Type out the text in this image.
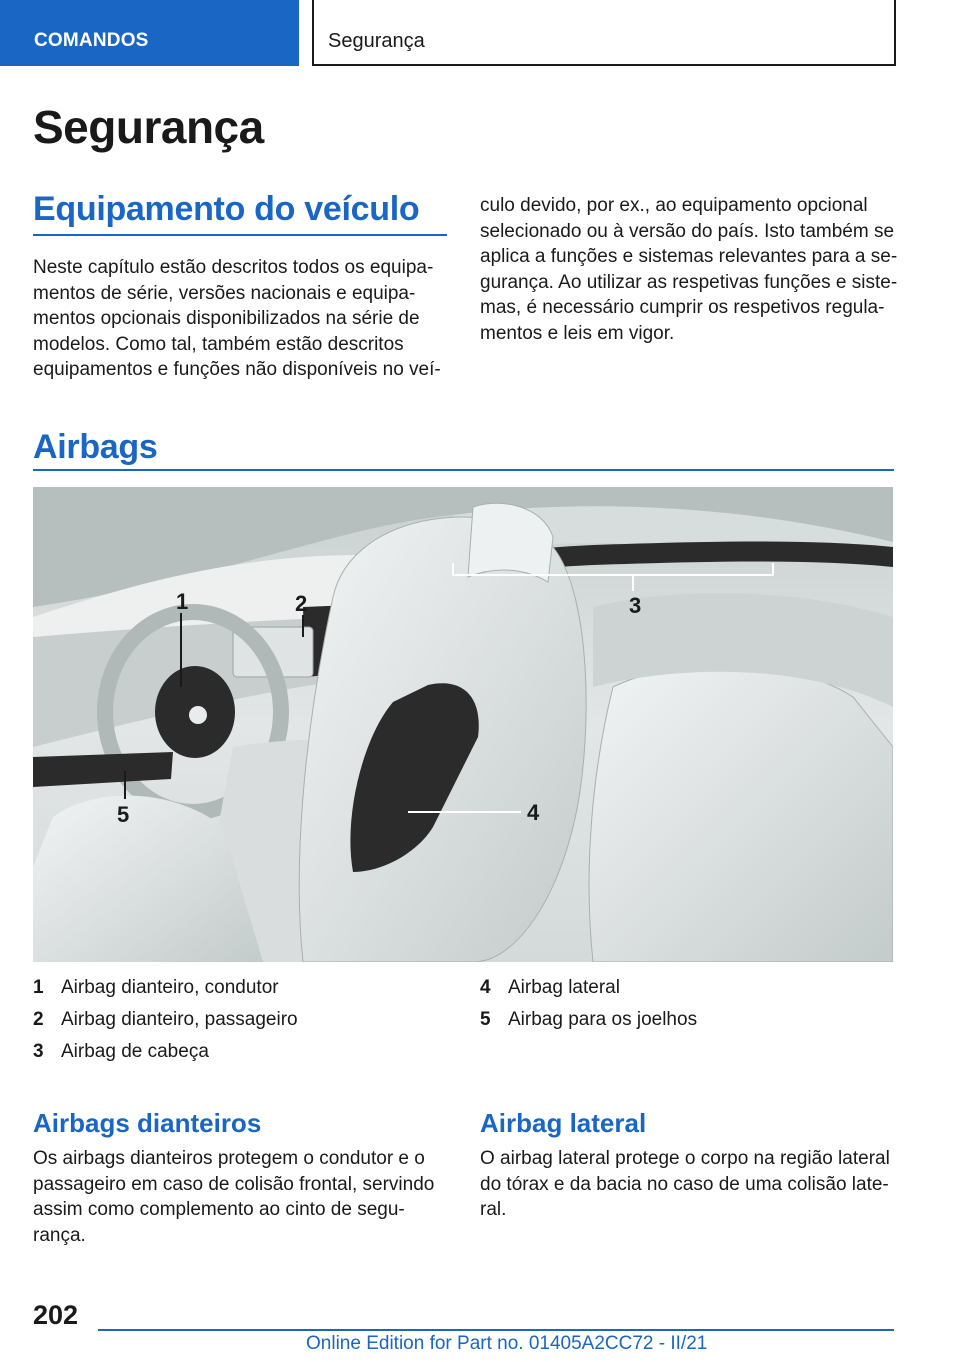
COMANDOS	Segurança
Segurança
Equipamento do veículo
Neste capítulo estão descritos todos os equipa-
mentos de série, versões nacionais e equipa-
mentos opcionais disponibilizados na série de
modelos. Como tal, também estão descritos
equipamentos e funções não disponíveis no veí-
culo devido, por ex., ao equipamento opcional
selecionado ou à versão do país. Isto também se
aplica a funções e sistemas relevantes para a se-
gurança. Ao utilizar as respetivas funções e siste-
mas, é necessário cumprir os respetivos regula-
mentos e leis em vigor.
Airbags
1	2	3
4
5
1 Airbag dianteiro, condutor
2 Airbag dianteiro, passageiro
3 Airbag de cabeça
4 Airbag lateral
5 Airbag para os joelhos
Airbags dianteiros
Os airbags dianteiros protegem o condutor e o
passageiro em caso de colisão frontal, servindo
assim como complemento ao cinto de segu-
rança.
Airbag lateral
O airbag lateral protege o corpo na região lateral
do tórax e da bacia no caso de uma colisão late-
ral.
202
Online Edition for Part no. 01405A2CC72 - II/21
